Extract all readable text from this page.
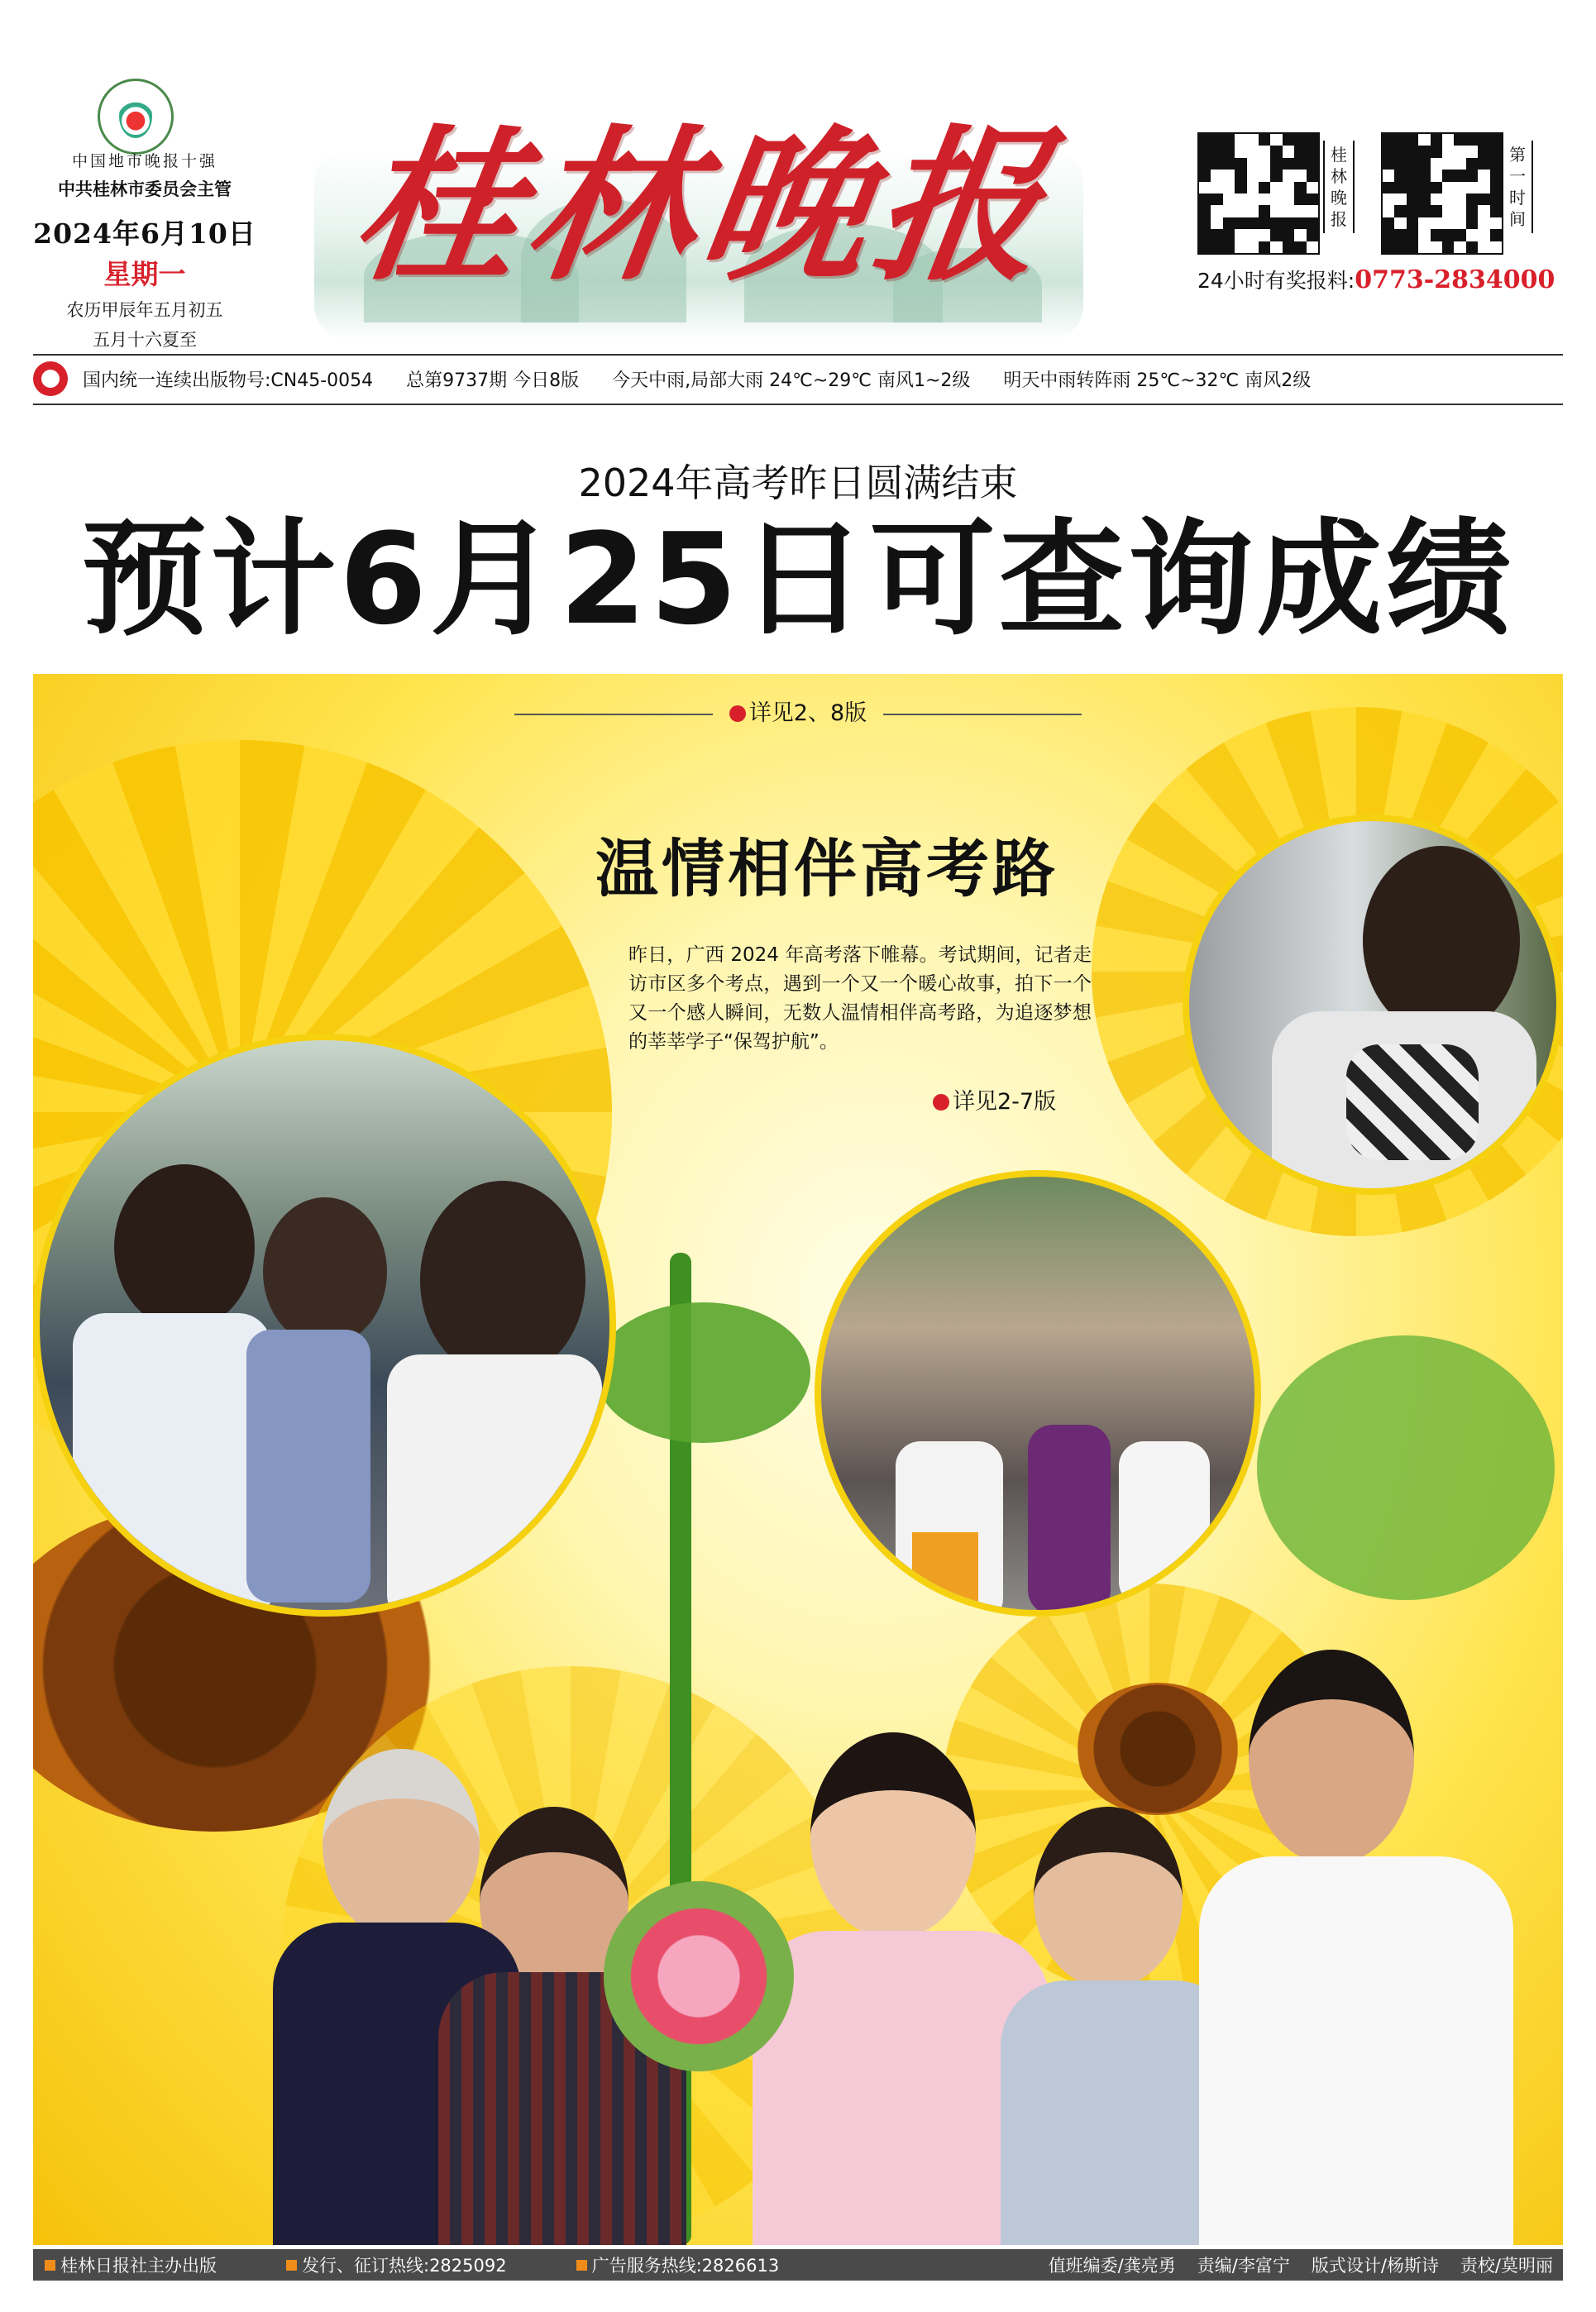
中国地市晚报十强
中共桂林市委员会主管
2024年6月10日
星期一
农历甲辰年五月初五
五月十六夏至
桂林晚报	桂林晚报
第一时间
24小时有奖报料:0773-2834000
国内统一连续出版物号:CN45-0054 总第9737期 今日8版 今天中雨,局部大雨 24℃~29℃ 南风1~2级 明天中雨转阵雨 25℃~32℃ 南风2级
2024年高考昨日圆满结束
预计6月25日可查询成绩
详见2、8版
温情相伴高考路
昨日，广西 2024 年高考落下帷幕。考试期间，记者走访市区多个考点，遇到一个又一个暖心故事，拍下一个又一个感人瞬间，无数人温情相伴高考路，为追逐梦想的莘莘学子“保驾护航”。
详见2-7版
桂林日报社主办出版	发行、征订热线:2825092	广告服务热线:2826613	值班编委/龚亮勇 责编/李富宁 版式设计/杨斯诗 责校/莫明丽
